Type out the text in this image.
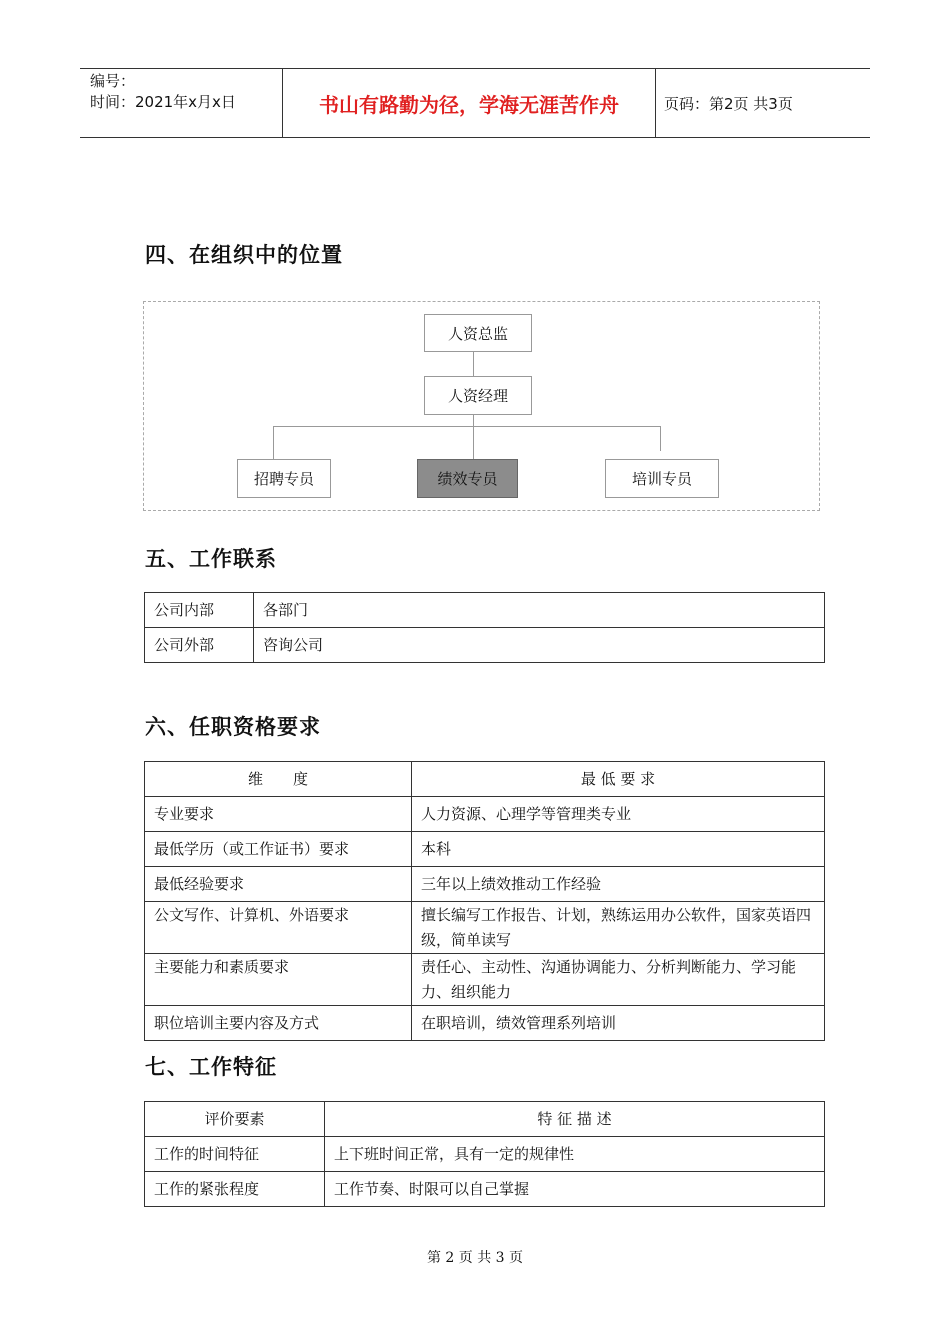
编号：
时间：2021年x月x日	书山有路勤为径，学海无涯苦作舟	页码：第2页 共3页
四、在组织中的位置
人资总监
人资经理
招聘专员	绩效专员	培训专员
五、工作联系
公司内部	各部门
公司外部	咨询公司
六、任职资格要求
维　　度	最 低 要 求
专业要求	人力资源、心理学等管理类专业
最低学历（或工作证书）要求	本科
最低经验要求	三年以上绩效推动工作经验
公文写作、计算机、外语要求	擅长编写工作报告、计划，熟练运用办公软件，国家英语四级，简单读写
主要能力和素质要求	责任心、主动性、沟通协调能力、分析判断能力、学习能力、组织能力
职位培训主要内容及方式	在职培训，绩效管理系列培训
七、工作特征
评价要素	特 征 描 述
工作的时间特征	上下班时间正常，具有一定的规律性
工作的紧张程度	工作节奏、时限可以自己掌握
第 2 页 共 3 页
